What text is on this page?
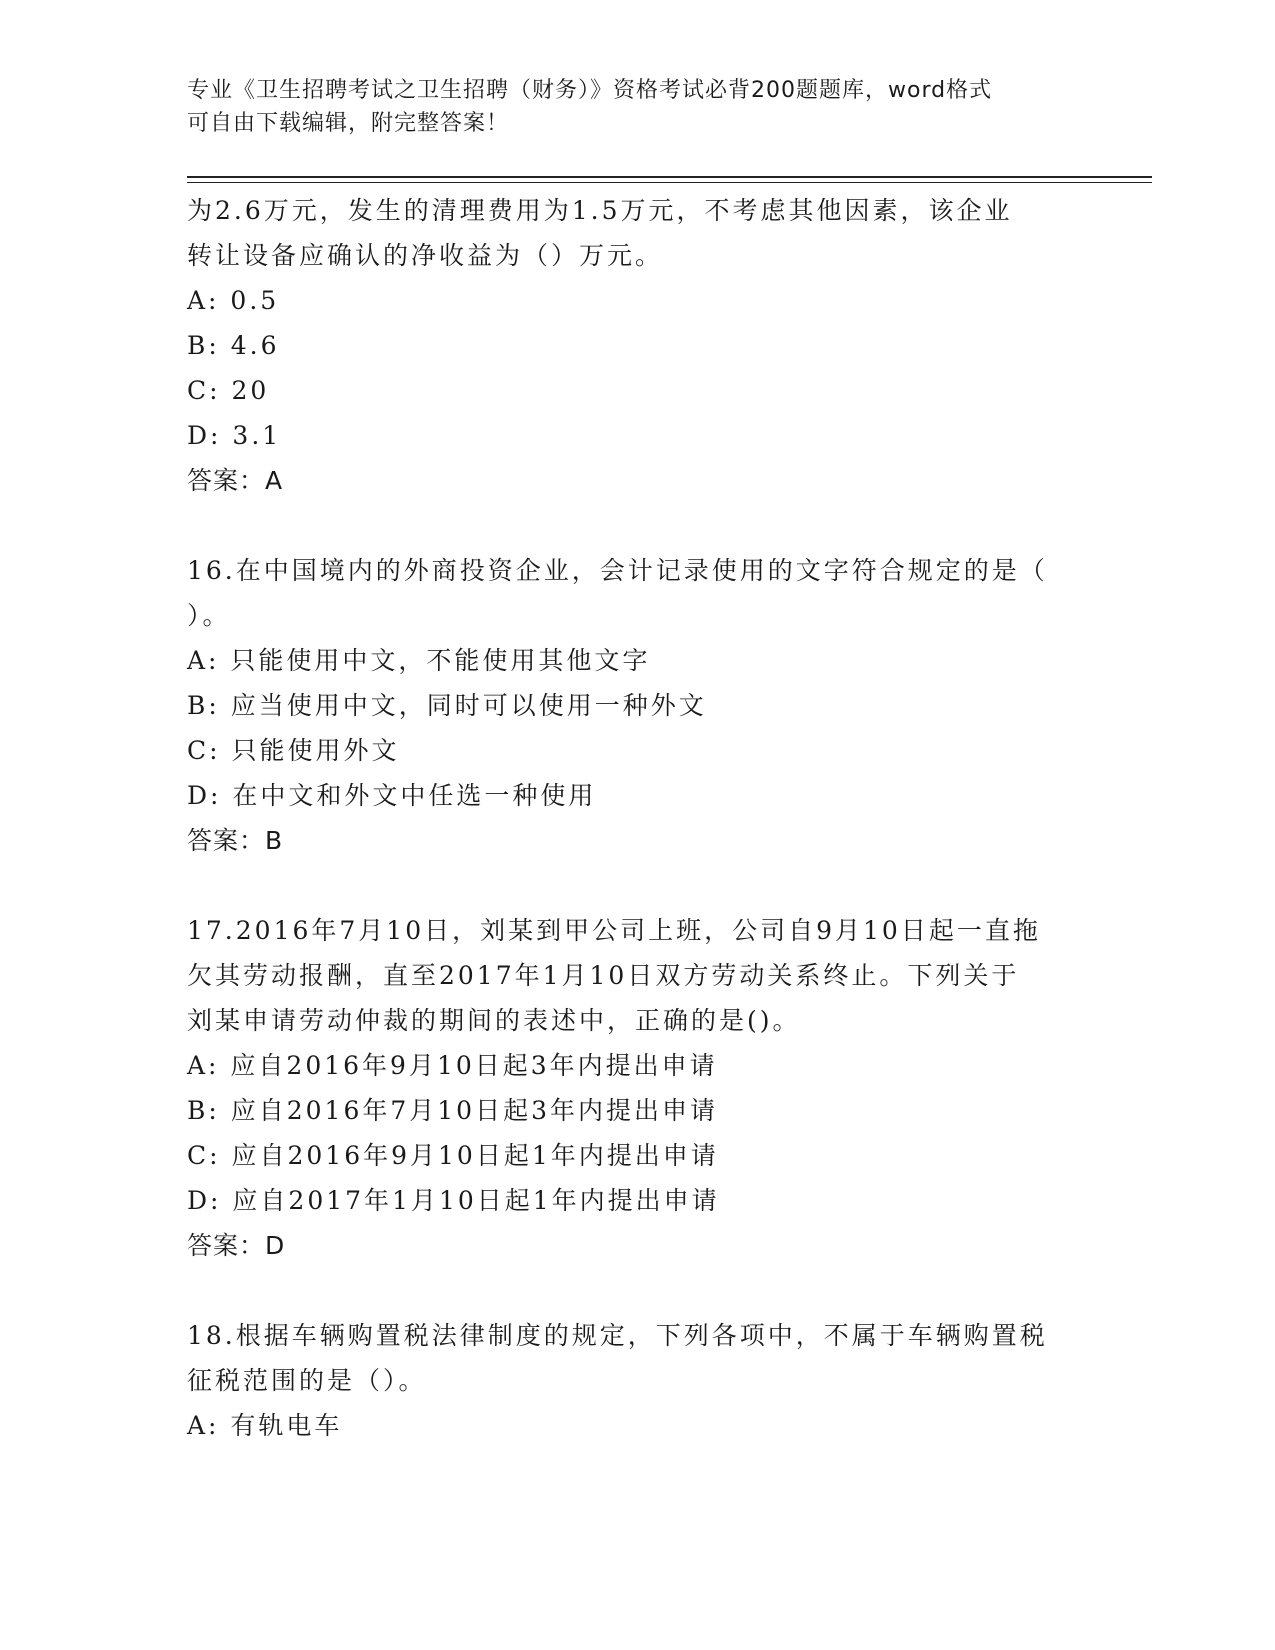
专业《卫生招聘考试之卫生招聘（财务）》资格考试必背200题题库，word格式
可自由下载编辑，附完整答案！
为2.6万元，发生的清理费用为1.5万元，不考虑其他因素，该企业
转让设备应确认的净收益为（）万元。
A: 0.5
B: 4.6
C: 20
D: 3.1
答案：A
16.在中国境内的外商投资企业，会计记录使用的文字符合规定的是（
）。
A: 只能使用中文，不能使用其他文字
B: 应当使用中文，同时可以使用一种外文
C: 只能使用外文
D: 在中文和外文中任选一种使用
答案：B
17.2016年7月10日，刘某到甲公司上班，公司自9月10日起一直拖
欠其劳动报酬，直至2017年1月10日双方劳动关系终止。下列关于
刘某申请劳动仲裁的期间的表述中，正确的是()。
A: 应自2016年9月10日起3年内提出申请
B: 应自2016年7月10日起3年内提出申请
C: 应自2016年9月10日起1年内提出申请
D: 应自2017年1月10日起1年内提出申请
答案：D
18.根据车辆购置税法律制度的规定，下列各项中，不属于车辆购置税
征税范围的是（）。
A: 有轨电车
